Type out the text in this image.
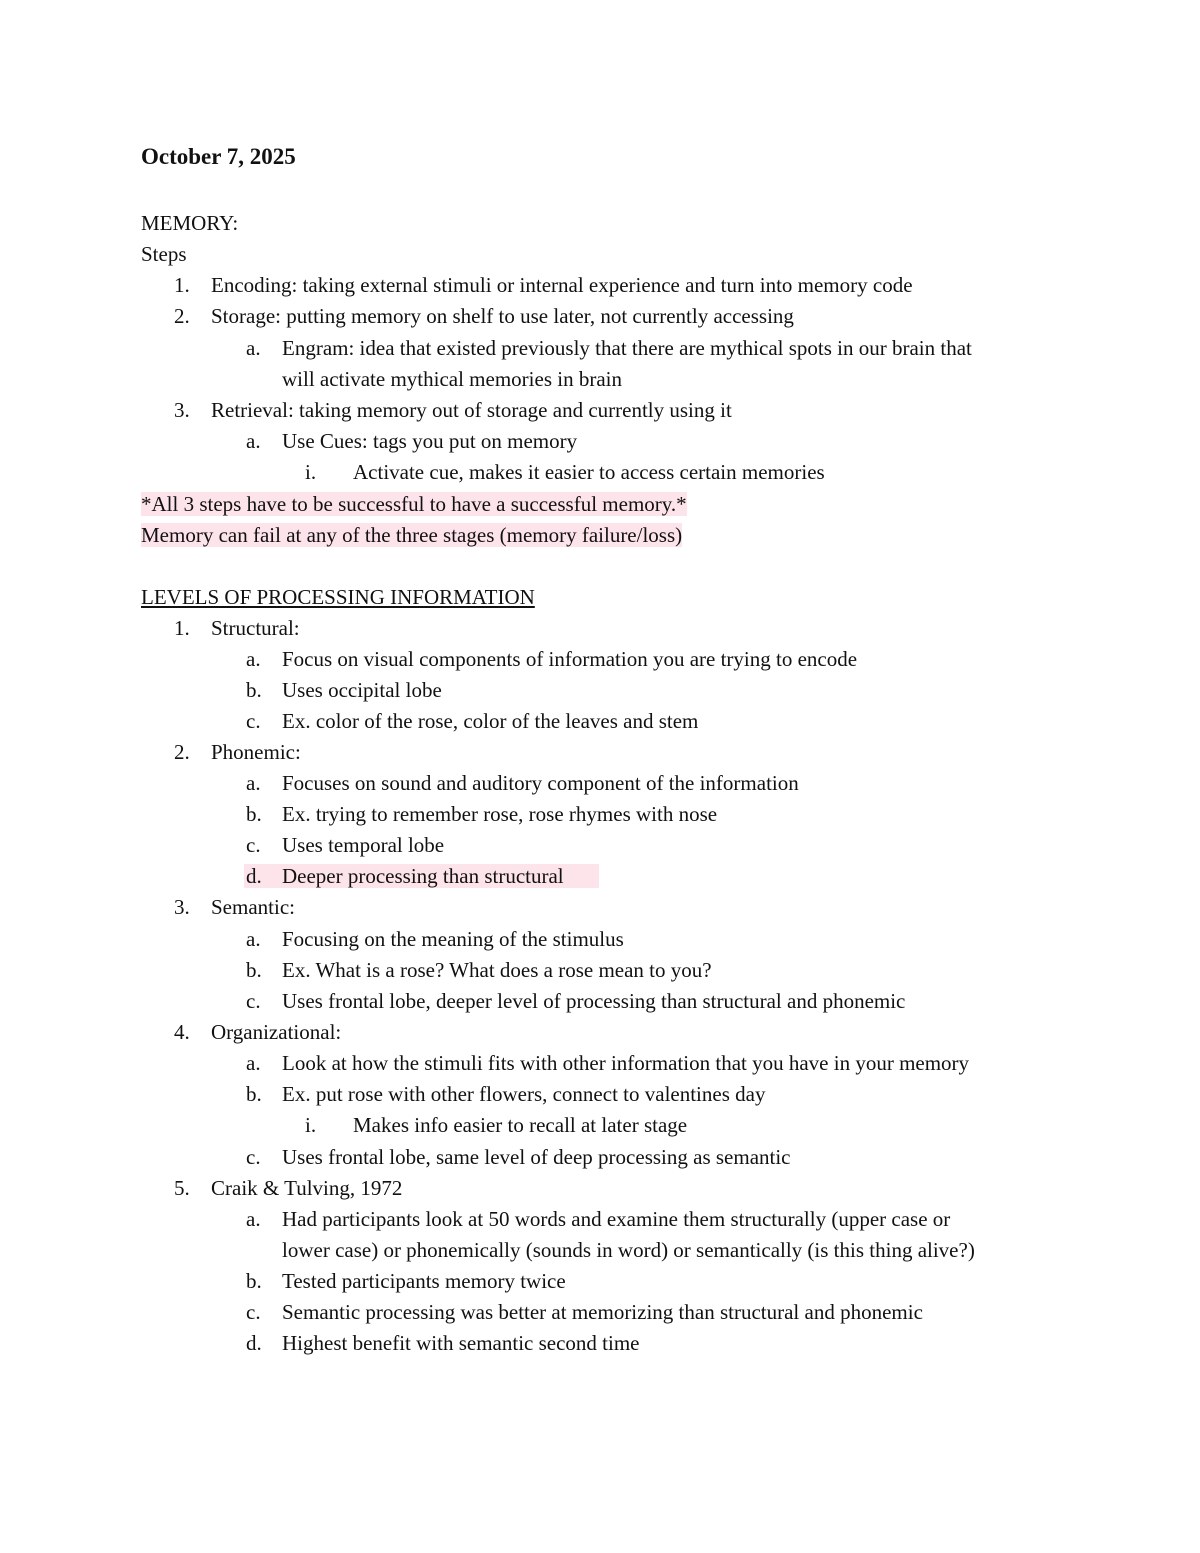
October 7, 2025
MEMORY:
Steps
1.	Encoding: taking external stimuli or internal experience and turn into memory code
2.	Storage: putting memory on shelf to use later, not currently accessing
a.	Engram: idea that existed previously that there are mythical spots in our brain that
will activate mythical memories in brain
3.	Retrieval: taking memory out of storage and currently using it
a.	Use Cues: tags you put on memory
i.	Activate cue, makes it easier to access certain memories
*All 3 steps have to be successful to have a successful memory.*
Memory can fail at any of the three stages (memory failure/loss)
LEVELS OF PROCESSING INFORMATION
1.	Structural:
a.	Focus on visual components of information you are trying to encode
b. Uses occipital lobe
c.	Ex. color of the rose, color of the leaves and stem
2.	Phonemic:
a.	Focuses on sound and auditory component of the information
b. Ex. trying to remember rose, rose rhymes with nose
c.	Uses temporal lobe
d. Deeper processing than structural
3.	Semantic:
a.	Focusing on the meaning of the stimulus
b. Ex. What is a rose? What does a rose mean to you?
c.	Uses frontal lobe, deeper level of processing than structural and phonemic
4.	Organizational:
a.	Look at how the stimuli fits with other information that you have in your memory
b. Ex. put rose with other flowers, connect to valentines day
i.	Makes info easier to recall at later stage
c.	Uses frontal lobe, same level of deep processing as semantic
5.	Craik & Tulving, 1972
a.	Had participants look at 50 words and examine them structurally (upper case or
lower case) or phonemically (sounds in word) or semantically (is this thing alive?)
b. Tested participants memory twice
c.	Semantic processing was better at memorizing than structural and phonemic
d. Highest benefit with semantic second time
